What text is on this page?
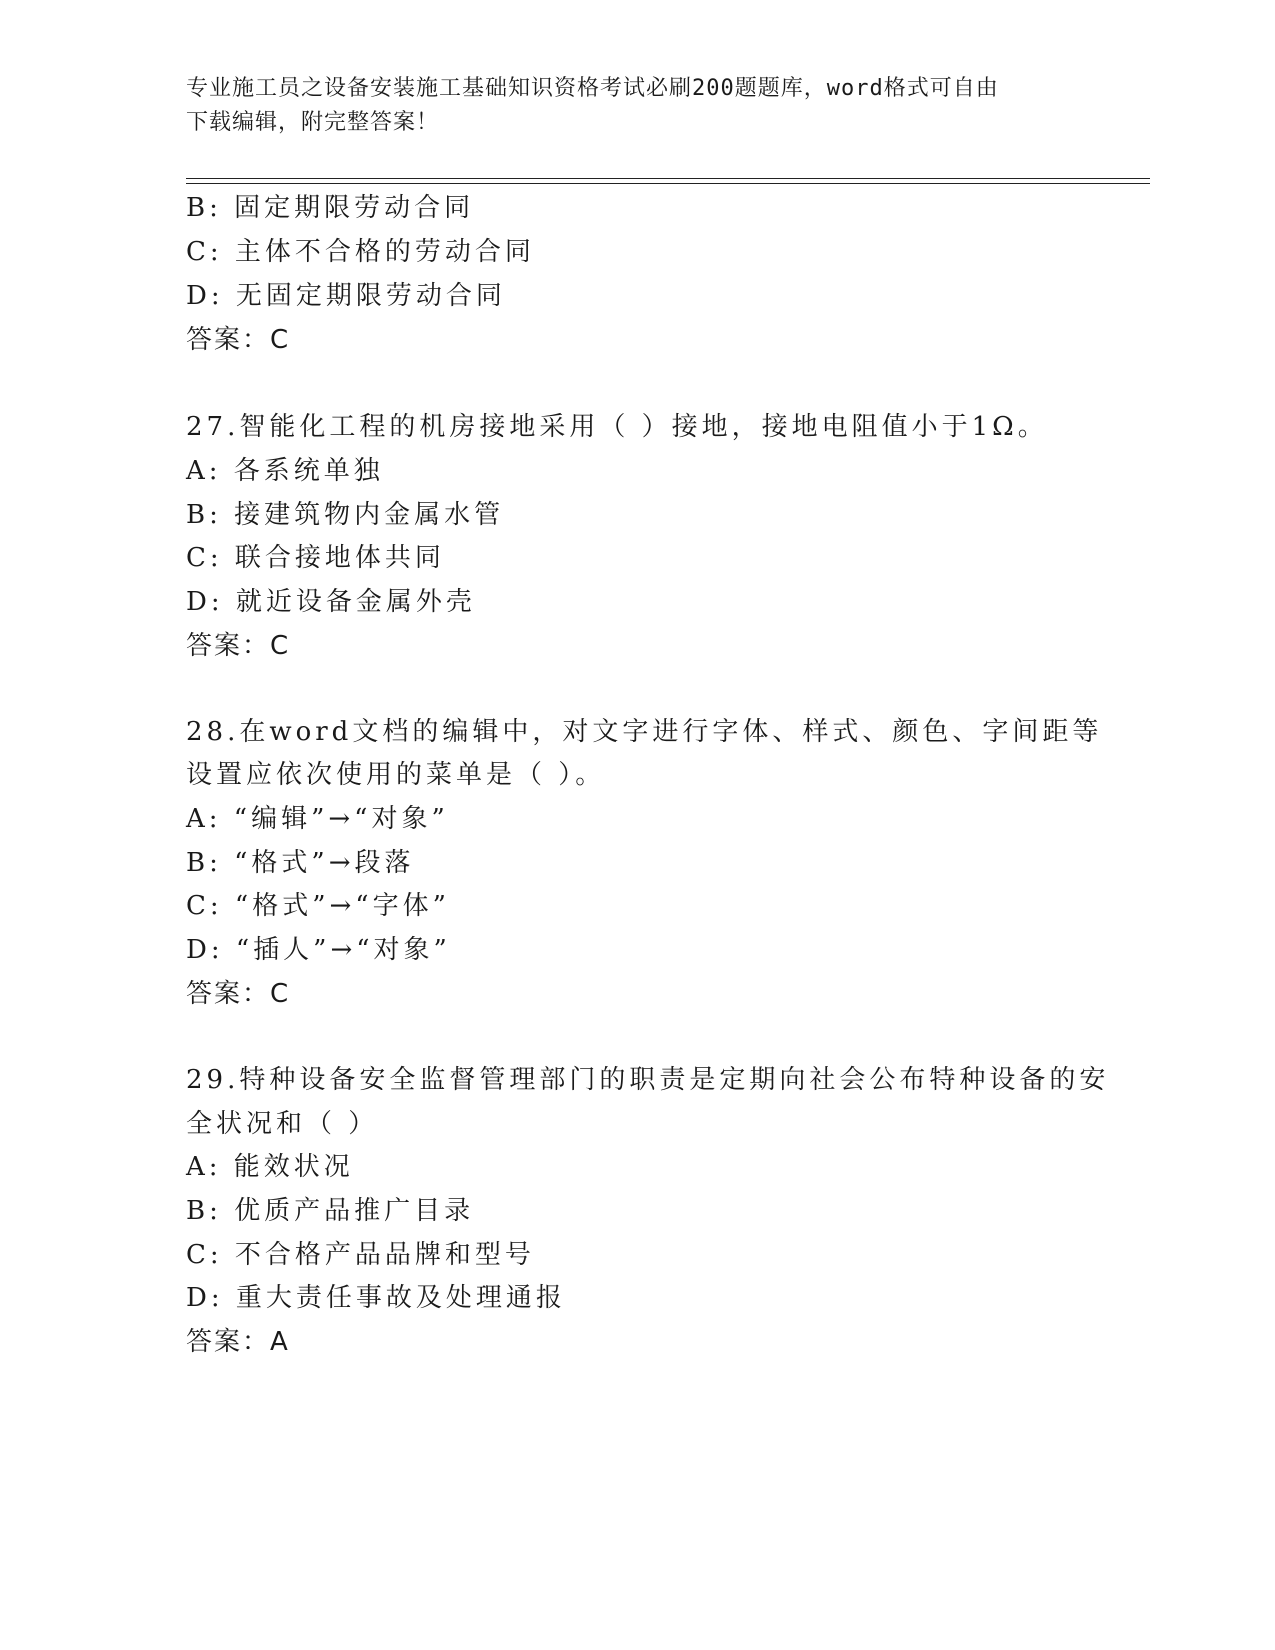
专业施工员之设备安装施工基础知识资格考试必刷200题题库，word格式可自由
下载编辑，附完整答案！
B: 固定期限劳动合同
C: 主体不合格的劳动合同
D: 无固定期限劳动合同
答案：C
27.智能化工程的机房接地采用（ ）接地，接地电阻值小于1Ω。
A: 各系统单独
B: 接建筑物内金属水管
C: 联合接地体共同
D: 就近设备金属外壳
答案：C
28.在word文档的编辑中，对文字进行字体、样式、颜色、字间距等
设置应依次使用的菜单是（ ）。
A: “编辑”→“对象”
B: “格式”→段落
C: “格式”→“字体”
D: “插人”→“对象”
答案：C
29.特种设备安全监督管理部门的职责是定期向社会公布特种设备的安
全状况和（ ）
A: 能效状况
B: 优质产品推广目录
C: 不合格产品品牌和型号
D: 重大责任事故及处理通报
答案：A
